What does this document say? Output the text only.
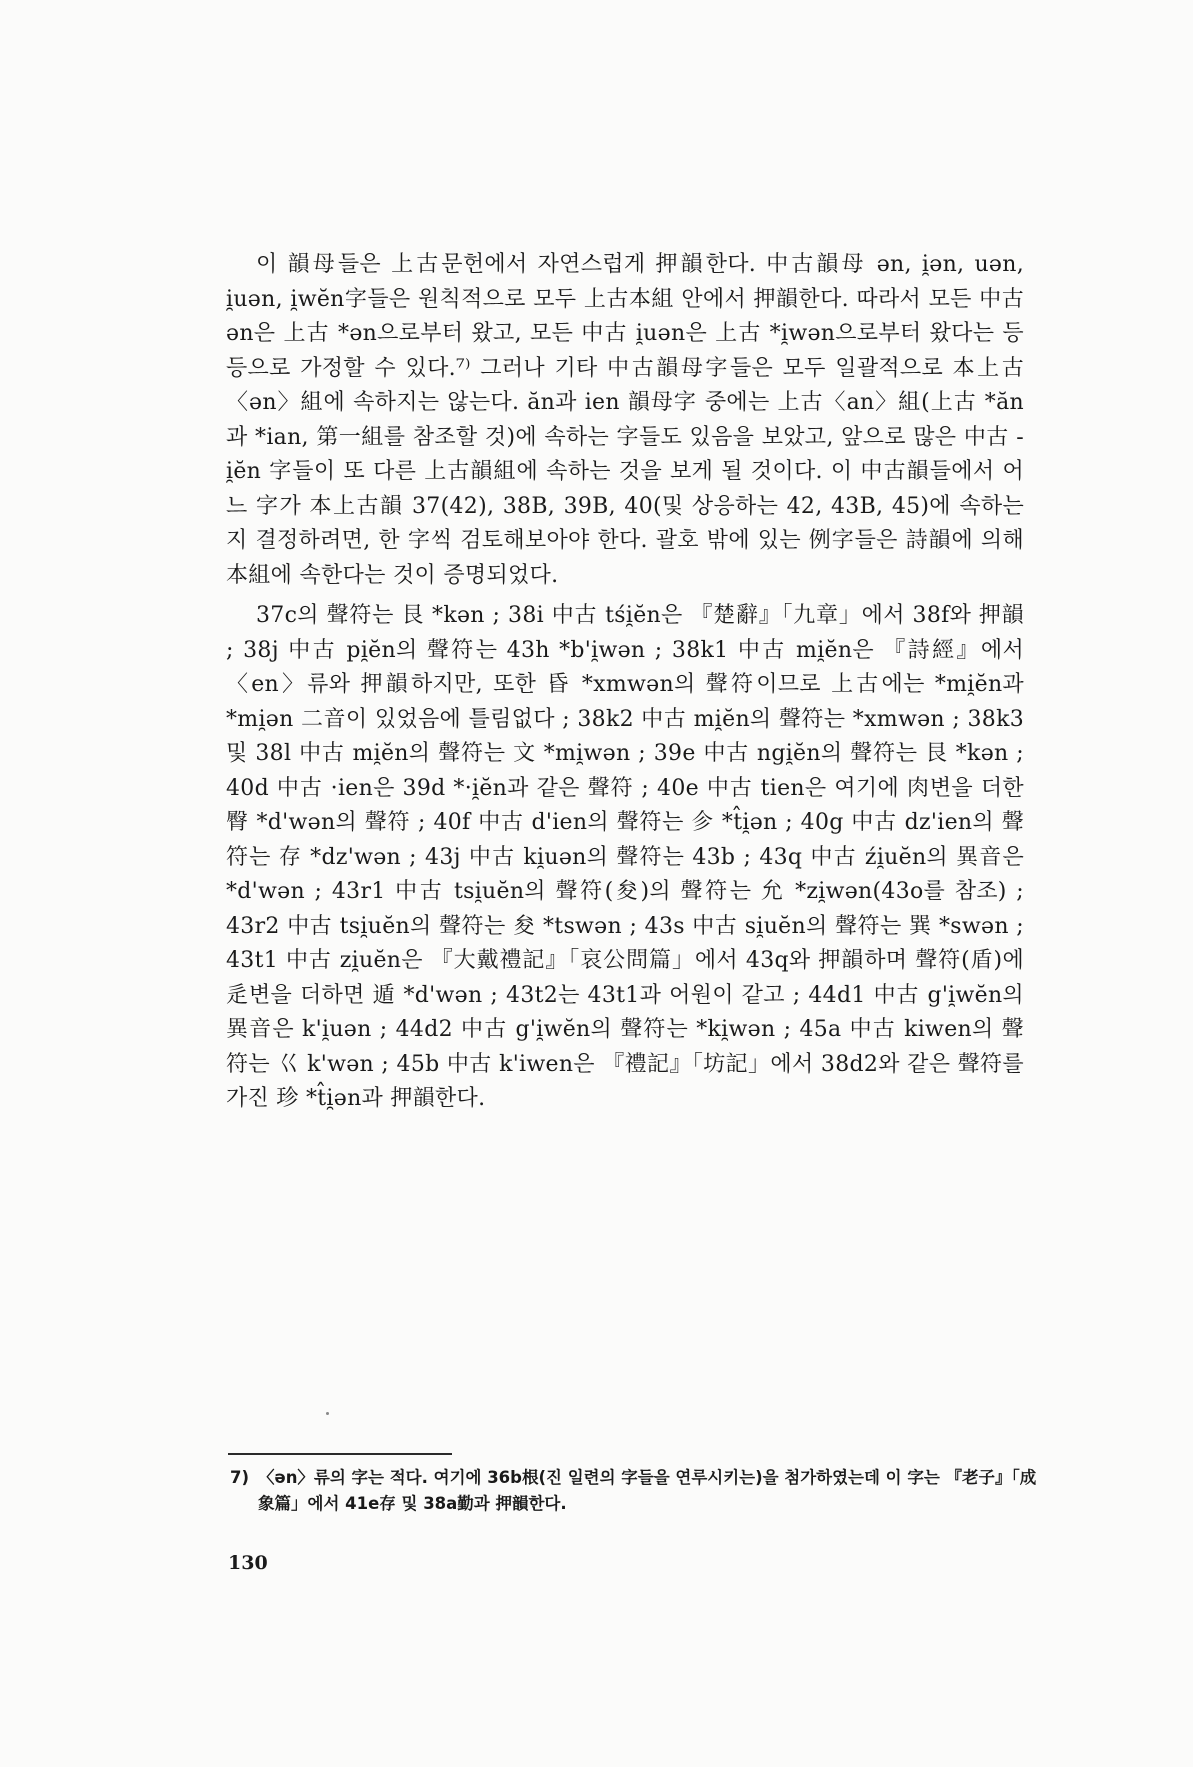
이 韻母들은 上古문헌에서 자연스럽게 押韻한다. 中古韻母 ən, i̯ən, uən, i̯uən, i̯wĕn字들은 원칙적으로 모두 上古本組 안에서 押韻한다. 따라서 모든 中古 ən은 上古 *ən으로부터 왔고, 모든 中古 i̯uən은 上古 *i̯wən으로부터 왔다는 등등으로 가정할 수 있다.⁷⁾ 그러나 기타 中古韻母字들은 모두 일괄적으로 本上古〈ən〉組에 속하지는 않는다. ăn과 ien 韻母字 중에는 上古〈an〉組(上古 *ăn과 *ian, 第一組를 참조할 것)에 속하는 字들도 있음을 보았고, 앞으로 많은 中古 -i̯ĕn 字들이 또 다른 上古韻組에 속하는 것을 보게 될 것이다. 이 中古韻들에서 어느 字가 本上古韻 37(42), 38B, 39B, 40(및 상응하는 42, 43B, 45)에 속하는지 결정하려면, 한 字씩 검토해보아야 한다. 괄호 밖에 있는 例字들은 詩韻에 의해 本組에 속한다는 것이 증명되었다.

37c의 聲符는 艮 *kən ; 38i 中古 tśi̯ĕn은 『楚辭』「九章」에서 38f와 押韻 ; 38j 中古 pi̯ĕn의 聲符는 43h *b'i̯wən ; 38k1 中古 mi̯ĕn은 『詩經』에서 〈en〉류와 押韻하지만, 또한 昏 *xmwən의 聲符이므로 上古에는 *mi̯ĕn과 *mi̯ən 二音이 있었음에 틀림없다 ; 38k2 中古 mi̯ĕn의 聲符는 *xmwən ; 38k3 및 38l 中古 mi̯ĕn의 聲符는 文 *mi̯wən ; 39e 中古 ngi̯ĕn의 聲符는 艮 *kən ; 40d 中古 ·ien은 39d *·i̯ĕn과 같은 聲符 ; 40e 中古 tien은 여기에 肉변을 더한 臀 *d'wən의 聲符 ; 40f 中古 d'ien의 聲符는 㐱 *t̂i̯ən ; 40g 中古 dz'ien의 聲符는 存 *dz'wən ; 43j 中古 ki̯uən의 聲符는 43b ; 43q 中古 źi̯uĕn의 異音은 *d'wən ; 43r1 中古 tsi̯uĕn의 聲符(夋)의 聲符는 允 *zi̯wən(43o를 참조) ; 43r2 中古 tsi̯uĕn의 聲符는 夋 *tswən ; 43s 中古 si̯uĕn의 聲符는 巽 *swən ; 43t1 中古 zi̯uĕn은 『大戴禮記』「哀公問篇」에서 43q와 押韻하며 聲符(盾)에 辵변을 더하면 遁 *d'wən ; 43t2는 43t1과 어원이 같고 ; 44d1 中古 g'i̯wĕn의 異音은 k'i̯uən ; 44d2 中古 g'i̯wĕn의 聲符는 *ki̯wən ; 45a 中古 kiwen의 聲符는 巜 k'wən ; 45b 中古 k'iwen은 『禮記』「坊記」에서 38d2와 같은 聲符를 가진 珍 *t̂i̯ən과 押韻한다.

7) 〈ən〉류의 字는 적다. 여기에 36b根(진 일련의 字들을 연루시키는)을 첨가하였는데 이 字는 『老子』「成象篇」에서 41e存 및 38a勤과 押韻한다.
130
